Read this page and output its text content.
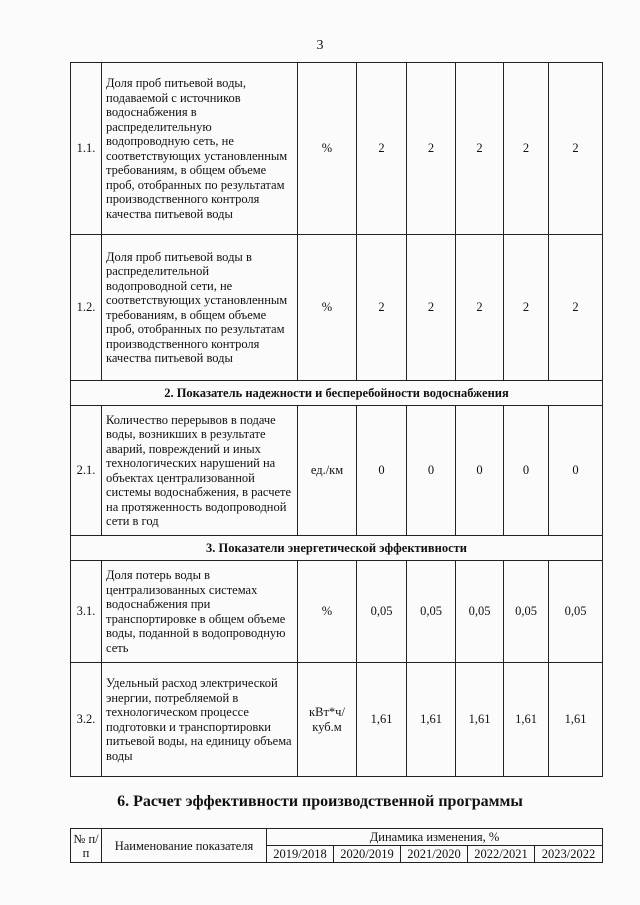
3
1.1.	Доля проб питьевой воды, подаваемой с источников водоснабжения в распределительную водопроводную сеть, не соответствующих установленным требованиям, в общем объеме проб, отобранных по результатам производственного контроля качества питьевой воды	%	2	2	2	2	2
1.2.	Доля проб питьевой воды в распределительной водопроводной сети, не соответствующих установленным требованиям, в общем объеме проб, отобранных по результатам производственного контроля качества питьевой воды	%	2	2	2	2	2
2. Показатель надежности и бесперебойности водоснабжения							
2.1.	Количество перерывов в подаче воды, возникших в результате аварий, повреждений и иных технологических нарушений на объектах централизованной системы водоснабжения, в расчете на протяженность водопроводной сети в год	ед./км	0	0	0	0	0
3. Показатели энергетической эффективности							
3.1.	Доля потерь воды в централизованных системах водоснабжения при транспортировке в общем объеме воды, поданной в водопроводную сеть	%	0,05	0,05	0,05	0,05	0,05
3.2.	Удельный расход электрической энергии, потребляемой в технологическом процессе подготовки и транспортировки питьевой воды, на единицу объема воды	кВт*ч/ куб.м	1,61	1,61	1,61	1,61	1,61
6. Расчет эффективности производственной программы
№ п/п	Наименование показателя	Динамика изменения, %				
		2019/2018	2020/2019	2021/2020	2022/2021	2023/2022
